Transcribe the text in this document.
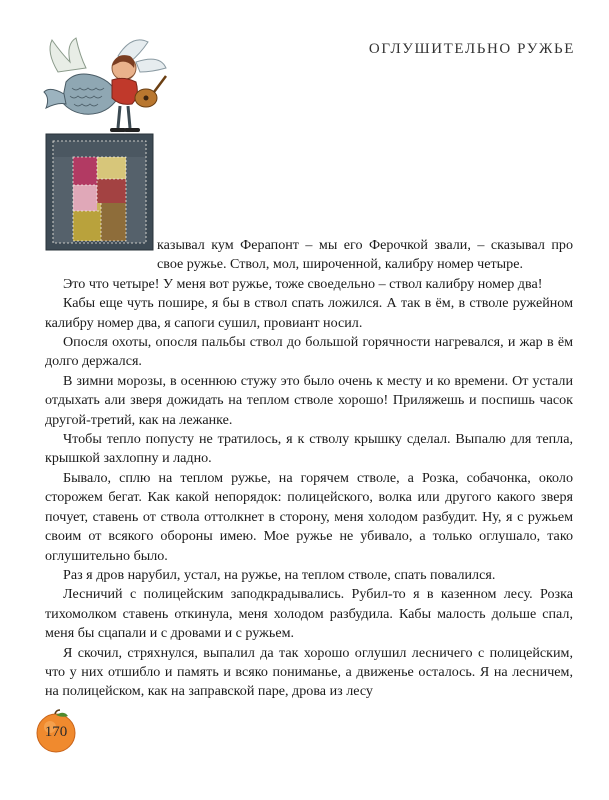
ОГЛУШИТЕЛЬНО РУЖЬЕ

казывал кум Ферапонт – мы его Ферочкой звали, – сказывал про свое ружье. Ствол, мол, широченной, калибру номер четыре.

Это что четыре! У меня вот ружье, тоже своедельно – ствол калибру номер два!

Кабы еще чуть пошире, я бы в ствол спать ложился. А так в ём, в стволе ружейном калибру номер два, я сапоги сушил, провиант носил.

Опосля охоты, опосля пальбы ствол до большой горячности нагревался, и жар в ём долго держался.

В зимни морозы, в осеннюю стужу это было очень к месту и ко времени. От устали отдыхать али зверя дожидать на теплом стволе хорошо! Приляжешь и поспишь часок другой-третий, как на лежанке.

Чтобы тепло попусту не тратилось, я к стволу крышку сделал. Выпалю для тепла, крышкой захлопну и ладно.

Бывало, сплю на теплом ружье, на горячем стволе, а Розка, собачонка, около сторожем бегат. Как какой непорядок: полицейского, волка или другого какого зверя почует, ставень от ствола оттолкнет в сторону, меня холодом разбудит. Ну, я с ружьем своим от всякого обороны имею. Мое ружье не убивало, а только оглушало, тако оглушительно было.

Раз я дров нарубил, устал, на ружье, на теплом стволе, спать повалился.

Лесничий с полицейским заподкрадывались. Рубил-то я в казенном лесу. Розка тихомолком ставень откинула, меня холодом разбудила. Кабы малость дольше спал, меня бы сцапали и с дровами и с ружьем.

Я скочил, стряхнулся, выпалил да так хорошо оглушил лесничего с полицейским, что у них отшибло и память и всяко пониманье, а движенье осталось. Я на лесничем, на полицейском, как на заправской паре, дрова из лесу

170
